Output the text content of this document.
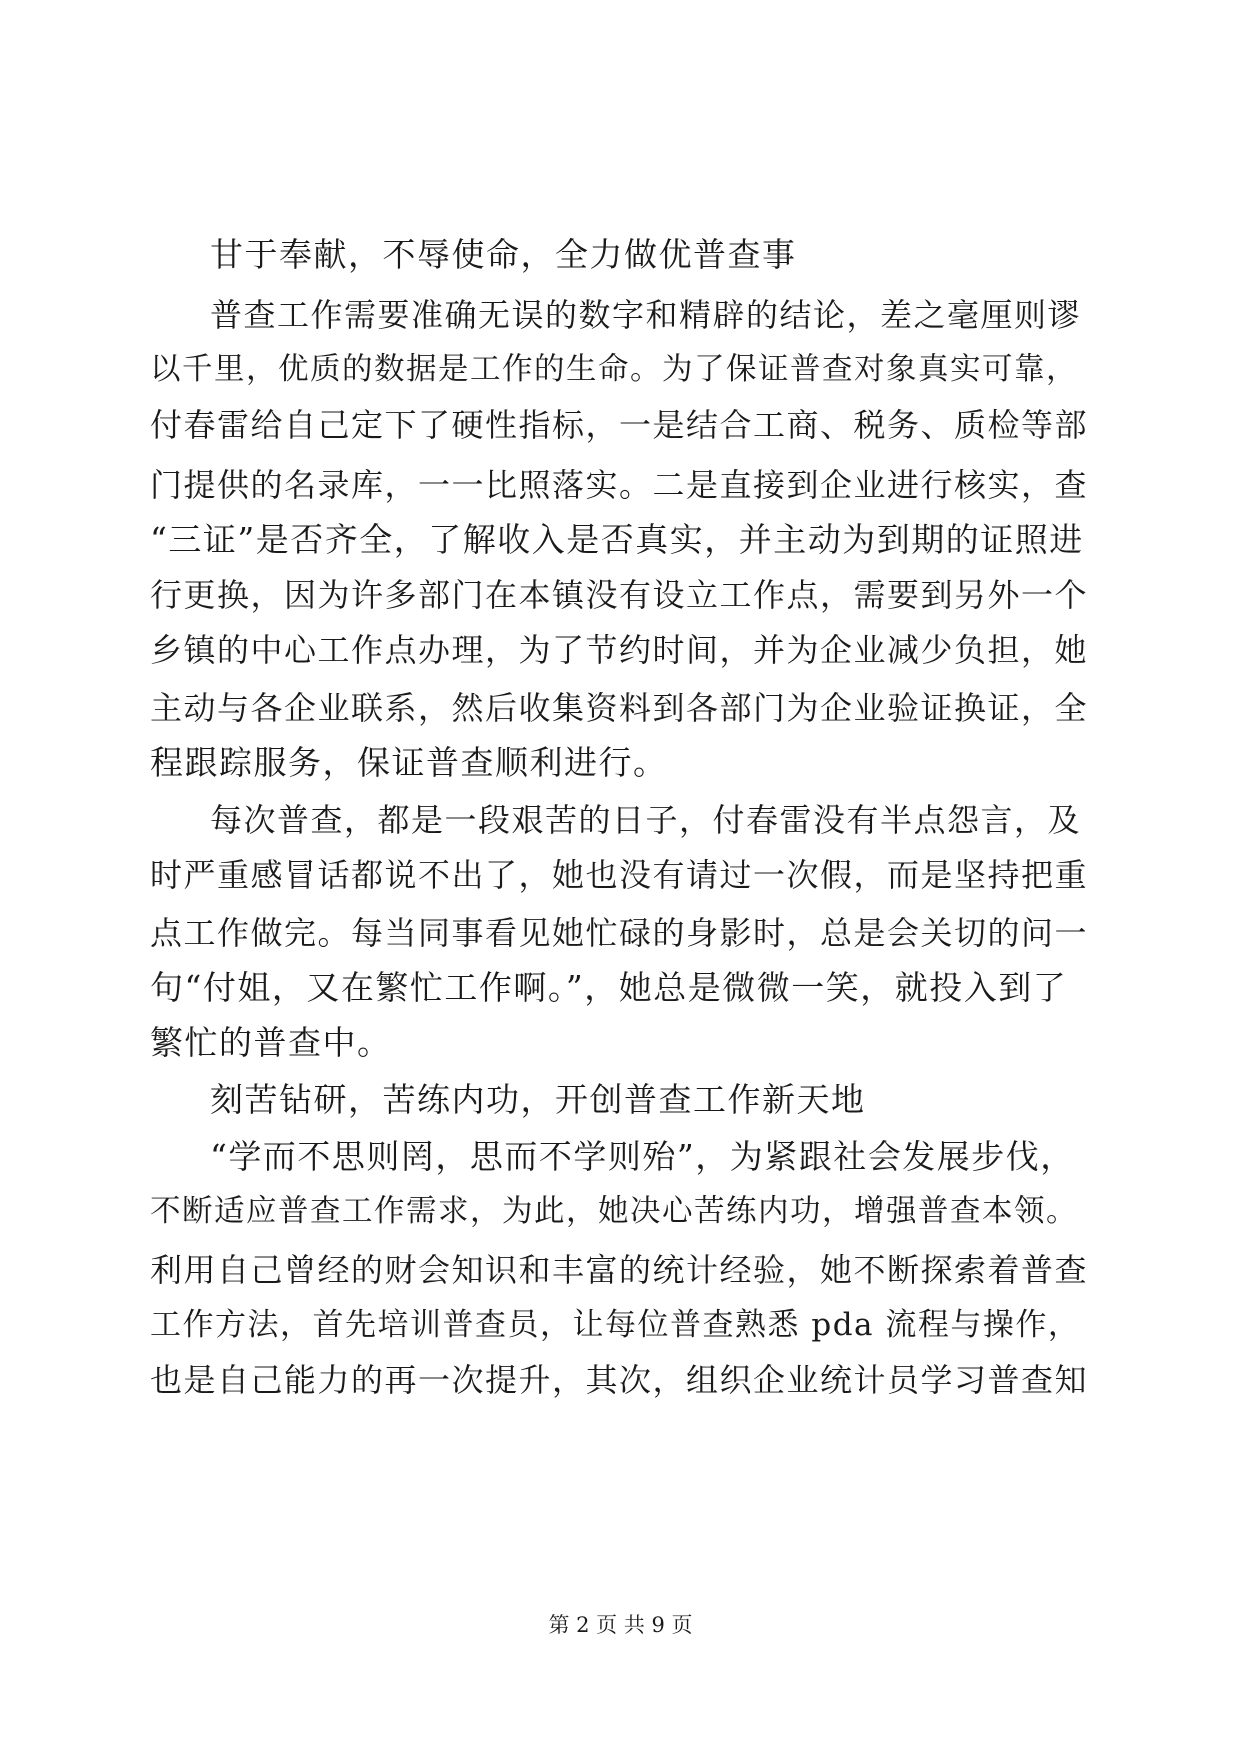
甘于奉献，不辱使命，全力做优普查事
普查工作需要准确无误的数字和精辟的结论，差之毫厘则谬
以千里，优质的数据是工作的生命。为了保证普查对象真实可靠，
付春雷给自己定下了硬性指标，一是结合工商、税务、质检等部
门提供的名录库，一一比照落实。二是直接到企业进行核实，查
“三证”是否齐全，了解收入是否真实，并主动为到期的证照进
行更换，因为许多部门在本镇没有设立工作点，需要到另外一个
乡镇的中心工作点办理，为了节约时间，并为企业减少负担，她
主动与各企业联系，然后收集资料到各部门为企业验证换证，全
程跟踪服务，保证普查顺利进行。
每次普查，都是一段艰苦的日子，付春雷没有半点怨言，及
时严重感冒话都说不出了，她也没有请过一次假，而是坚持把重
点工作做完。每当同事看见她忙碌的身影时，总是会关切的问一
句“付姐，又在繁忙工作啊。”，她总是微微一笑，就投入到了
繁忙的普查中。
刻苦钻研，苦练内功，开创普查工作新天地
“学而不思则罔，思而不学则殆”，为紧跟社会发展步伐，
不断适应普查工作需求，为此，她决心苦练内功，增强普查本领。
利用自己曾经的财会知识和丰富的统计经验，她不断探索着普查
工作方法，首先培训普查员，让每位普查熟悉 pda 流程与操作，
也是自己能力的再一次提升，其次，组织企业统计员学习普查知
第 2 页 共 9 页
